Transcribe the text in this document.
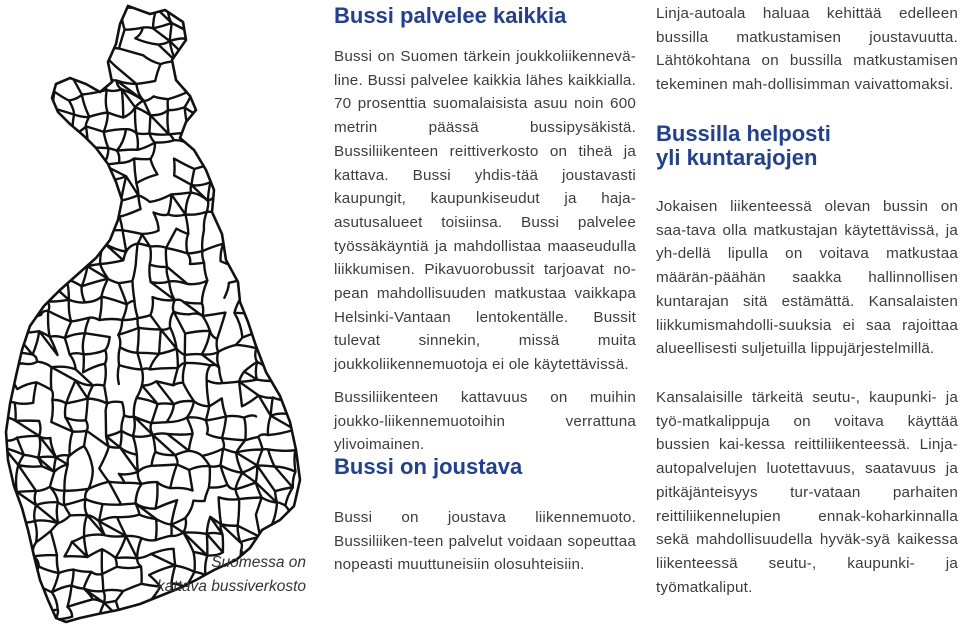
Suomessa on
kattava bussiverkosto
Bussi palvelee kaikkia

Bussi on Suomen tärkein joukkoliikennevä-line. Bussi palvelee kaikkia lähes kaikkialla. 70 prosenttia suomalaisista asuu noin 600 metrin päässä bussipysäkistä. Bussiliikenteen reittiverkosto on tiheä ja kattava. Bussi yhdis-tää joustavasti kaupungit, kaupunkiseudut ja haja-asutusalueet toisiinsa. Bussi palvelee työssäkäyntiä ja mahdollistaa maaseudulla liikkumisen. Pikavuorobussit tarjoavat no-pean mahdollisuuden matkustaa vaikkapa Helsinki-Vantaan lentokentälle. Bussit tulevat sinnekin, missä muita joukkoliikennemuotoja ei ole käytettävissä.

Bussiliikenteen kattavuus on muihin joukko-liikennemuotoihin verrattuna ylivoimainen.

Bussi on joustava

Bussi on joustava liikennemuoto. Bussiliiken-teen palvelut voidaan sopeuttaa nopeasti muuttuneisiin olosuhteisiin.

Linja-autoala haluaa kehittää edelleen bussilla matkustamisen joustavuutta. Lähtökohtana on bussilla matkustamisen tekeminen mah-dollisimman vaivattomaksi.

Bussilla helposti
yli kuntarajojen

Jokaisen liikenteessä olevan bussin on saa-tava olla matkustajan käytettävissä, ja yh-dellä lipulla on voitava matkustaa määrän-päähän saakka hallinnollisen kuntarajan sitä estämättä. Kansalaisten liikkumismahdolli-suuksia ei saa rajoittaa alueellisesti suljetuilla lippujärjestelmillä.

Kansalaisille tärkeitä seutu-, kaupunki- ja työ-matkalippuja on voitava käyttää bussien kai-kessa reittiliikenteessä. Linja-autopalvelujen luotettavuus, saatavuus ja pitkäjänteisyys tur-vataan parhaiten reittiliikennelupien ennak-koharkinnalla sekä mahdollisuudella hyväk-syä kaikessa liikenteessä seutu-, kaupunki- ja työmatkaliput.
